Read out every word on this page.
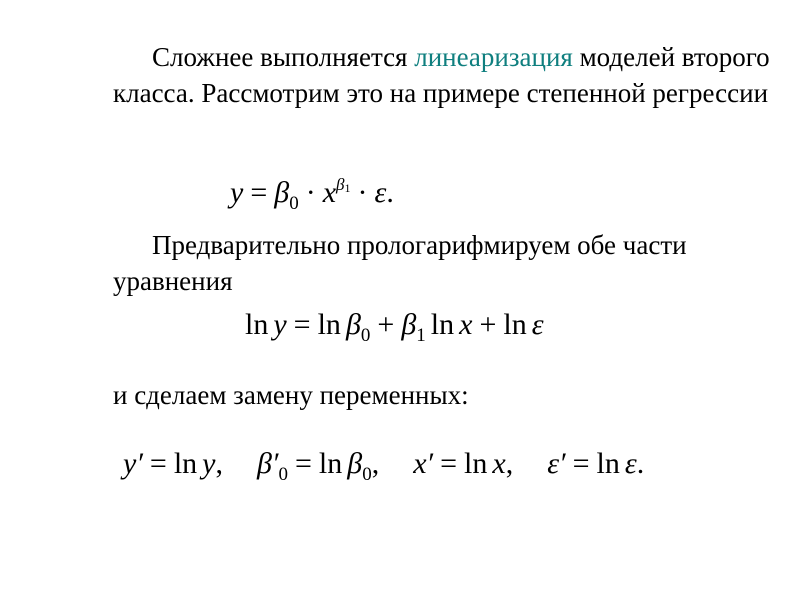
Сложнее выполняется линеаризация моделей второго класса. Рассмотрим это на примере степенной регрессии

$y = \beta_0 \cdot x^{\beta 1} \cdot \varepsilon$.

Предварительно прологарифмируем обе части уравнения

$\ln y = \ln \beta_0 + \beta_1$ ln x + ln ε

и сделаем замену переменных:

y′ = ln y, $\beta'_0 = \ln \beta_0$, x′ = ln x, ε′ = ln ε.
